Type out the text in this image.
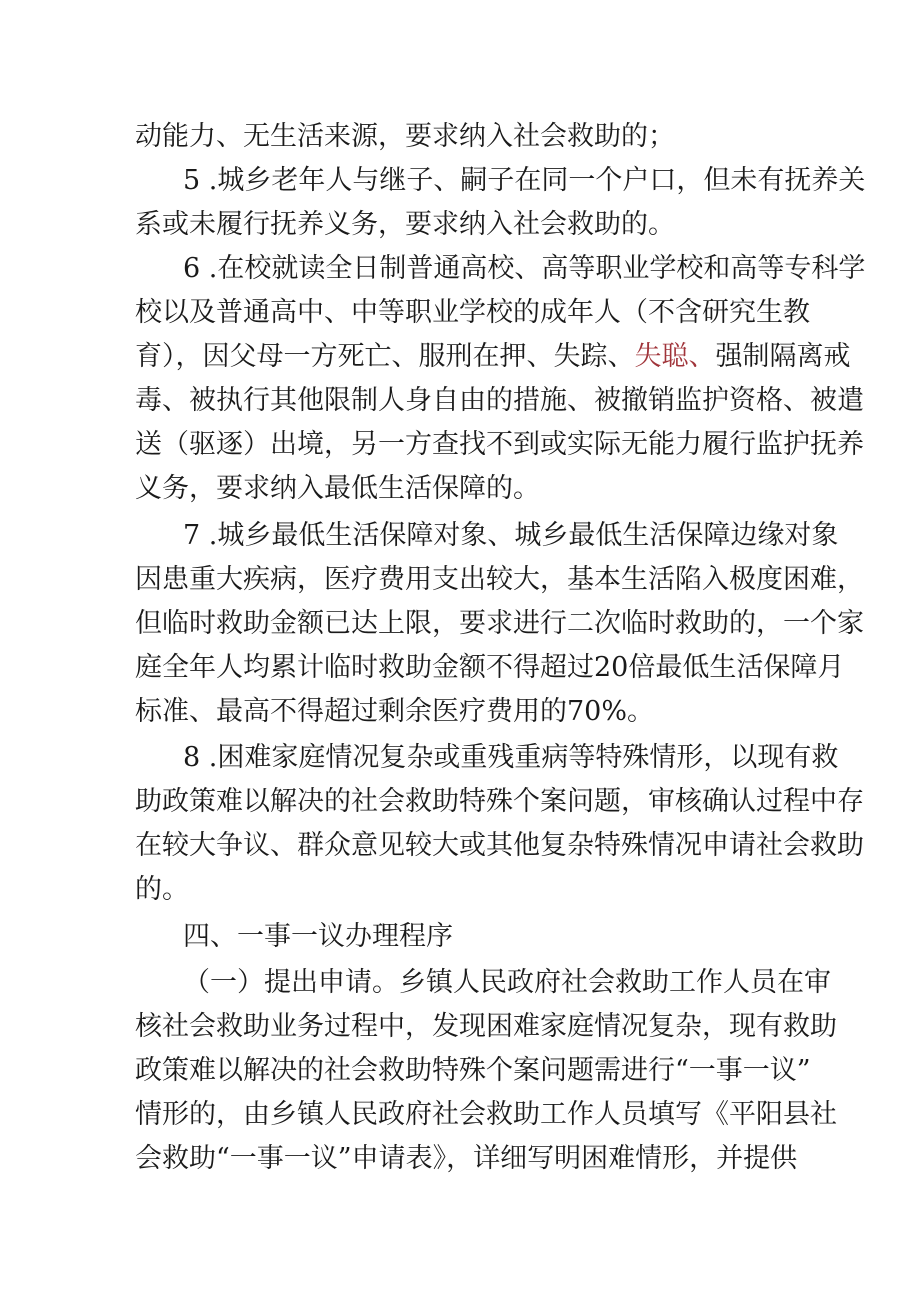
动能力、无生活来源，要求纳入社会救助的；
5 .城乡老年人与继子、嗣子在同一个户口，但未有抚养关
系或未履行抚养义务，要求纳入社会救助的。
6 .在校就读全日制普通高校、高等职业学校和高等专科学
校以及普通高中、中等职业学校的成年人（不含研究生教
育），因父母一方死亡、服刑在押、失踪、失聪、强制隔离戒
毒、被执行其他限制人身自由的措施、被撤销监护资格、被遣
送（驱逐）出境，另一方查找不到或实际无能力履行监护抚养
义务，要求纳入最低生活保障的。
7 .城乡最低生活保障对象、城乡最低生活保障边缘对象
因患重大疾病，医疗费用支出较大，基本生活陷入极度困难，
但临时救助金额已达上限，要求进行二次临时救助的，一个家
庭全年人均累计临时救助金额不得超过20倍最低生活保障月
标准、最高不得超过剩余医疗费用的70%。
8 .困难家庭情况复杂或重残重病等特殊情形，以现有救
助政策难以解决的社会救助特殊个案问题，审核确认过程中存
在较大争议、群众意见较大或其他复杂特殊情况申请社会救助
的。
四、一事一议办理程序
（一）提出申请。乡镇人民政府社会救助工作人员在审
核社会救助业务过程中，发现困难家庭情况复杂，现有救助
政策难以解决的社会救助特殊个案问题需进行“一事一议”
情形的，由乡镇人民政府社会救助工作人员填写《平阳县社
会救助“一事一议”申请表》，详细写明困难情形，并提供
